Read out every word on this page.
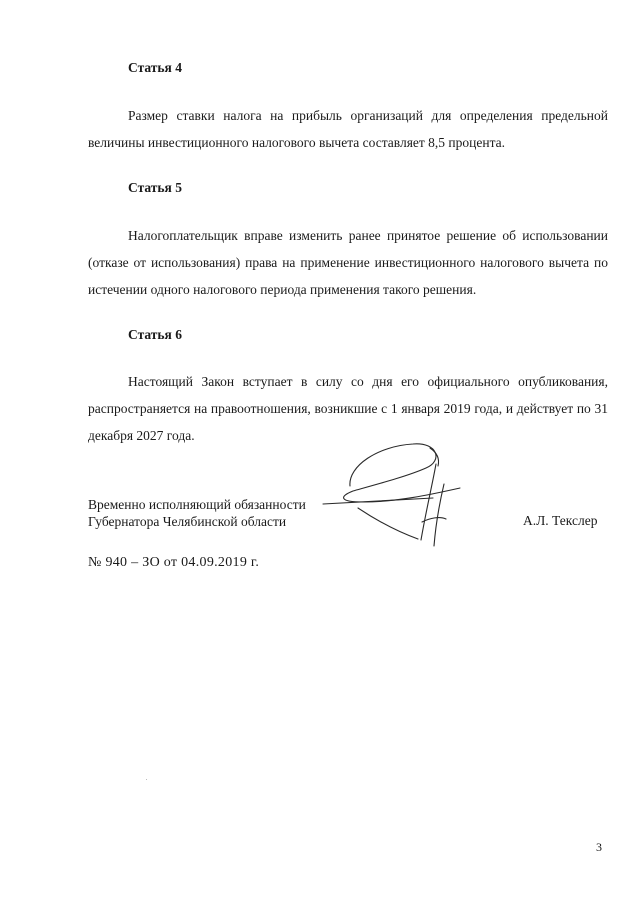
Статья 4

Размер ставки налога на прибыль организаций для определения предельной величины инвестиционного налогового вычета составляет 8,5 процента.

Статья 5

Налогоплательщик вправе изменить ранее принятое решение об использовании (отказе от использования) права на применение инвестиционного налогового вычета по истечении одного налогового периода применения такого решения.

Статья 6

Настоящий Закон вступает в силу со дня его официального опубликования, распространяется на правоотношения, возникшие с 1 января 2019 года, и действует по 31 декабря 2027 года.

Временно исполняющий обязанности
Губернатора Челябинской области	А.Л. Текслер
№ 940 – ЗО от 04.09.2019 г.
3
